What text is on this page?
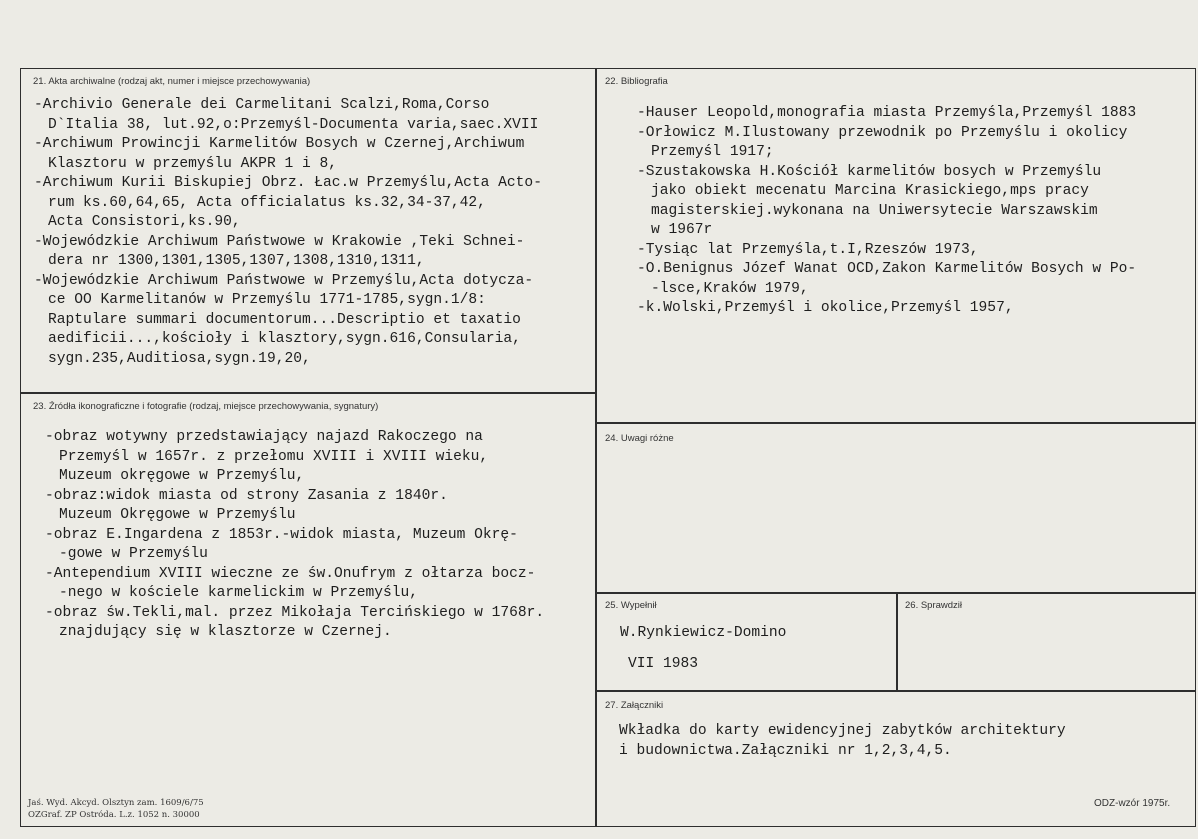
21. Akta archiwalne (rodzaj akt, numer i miejsce przechowywania)
-Archivio Generale dei Carmelitani Scalzi,Roma,Corso
D`Italia 38, lut.92,o:Przemyśl-Documenta varia,saec.XVII
-Archiwum Prowincji Karmelitów Bosych w Czernej,Archiwum
Klasztoru w przemyślu AKPR 1 i 8,
-Archiwum Kurii Biskupiej Obrz. Łac.w Przemyślu,Acta Acto-
rum ks.60,64,65, Acta officialatus ks.32,34-37,42,
Acta Consistori,ks.90,
-Wojewódzkie Archiwum Państwowe w Krakowie ,Teki Schnei-
dera nr 1300,1301,1305,1307,1308,1310,1311,
-Wojewódzkie Archiwum Państwowe w Przemyślu,Acta dotycza-
ce OO Karmelitanów w Przemyślu 1771-1785,sygn.1/8:
Raptulare summari documentorum...Descriptio et taxatio
aedificii...,kościoły i klasztory,sygn.616,Consularia,
sygn.235,Auditiosa,sygn.19,20,
22. Bibliografia
-Hauser Leopold,monografia miasta Przemyśla,Przemyśl 1883
-Orłowicz M.Ilustowany przewodnik po Przemyślu i okolicy
Przemyśl 1917;
-Szustakowska H.Kościół karmelitów bosych w Przemyślu
jako obiekt mecenatu Marcina Krasickiego,mps pracy
magisterskiej.wykonana na Uniwersytecie Warszawskim
w 1967r
-Tysiąc lat Przemyśla,t.I,Rzeszów 1973,
-O.Benignus Józef Wanat OCD,Zakon Karmelitów Bosych w Po-
-lsce,Kraków 1979,
-k.Wolski,Przemyśl i okolice,Przemyśl 1957,
23. Źródła ikonograficzne i fotografie (rodzaj, miejsce przechowywania, sygnatury)
-obraz wotywny przedstawiający najazd Rakoczego na
Przemyśl w 1657r. z przełomu XVIII i XVIII wieku,
Muzeum okręgowe w Przemyślu,
-obraz:widok miasta od strony Zasania z 1840r.
Muzeum Okręgowe w Przemyślu
-obraz E.Ingardena z 1853r.-widok miasta, Muzeum Okrę-
-gowe w Przemyślu
-Antependium XVIII wieczne ze św.Onufrym z ołtarza bocz-
-nego w kościele karmelickim w Przemyślu,
-obraz św.Tekli,mal. przez Mikołaja Tercińskiego w 1768r.
znajdujący się w klasztorze w Czernej.
24. Uwagi różne
25. Wypełnił
W.Rynkiewicz-Domino
VII 1983
26. Sprawdził
27. Załączniki
Wkładka do karty ewidencyjnej zabytków architektury
i budownictwa.Załączniki nr 1,2,3,4,5.
Jaś. Wyd. Akcyd. Olsztyn zam. 1609/6/75
OZGraf. ZP Ostróda. L.z. 1052 n. 30000
ODZ-wzór 1975r.
